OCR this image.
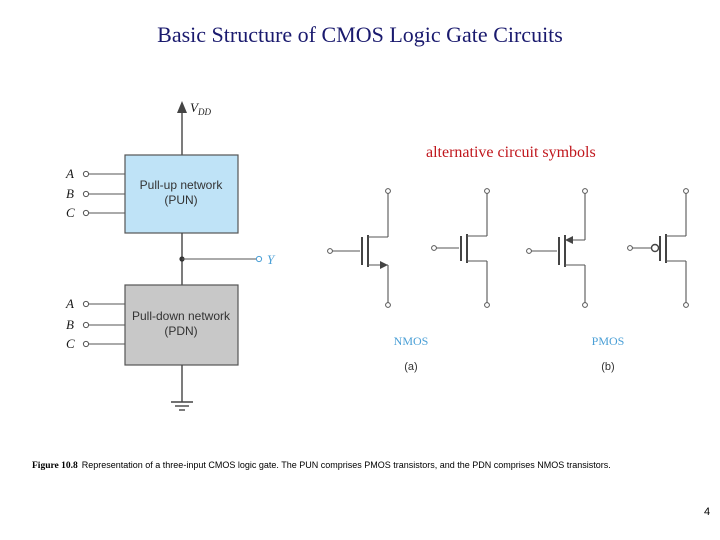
Basic Structure of CMOS Logic Gate Circuits
$V_{DD}$
Pull-up network
(PUN)
A
B
C
Y
Pull-down network
(PDN)
A
B
C	NMOS	PMOS
(a)	(b)
alternative circuit symbols
Figure 10.8 Representation of a three-input CMOS logic gate. The PUN comprises PMOS transistors, and the PDN comprises NMOS transistors.
4
